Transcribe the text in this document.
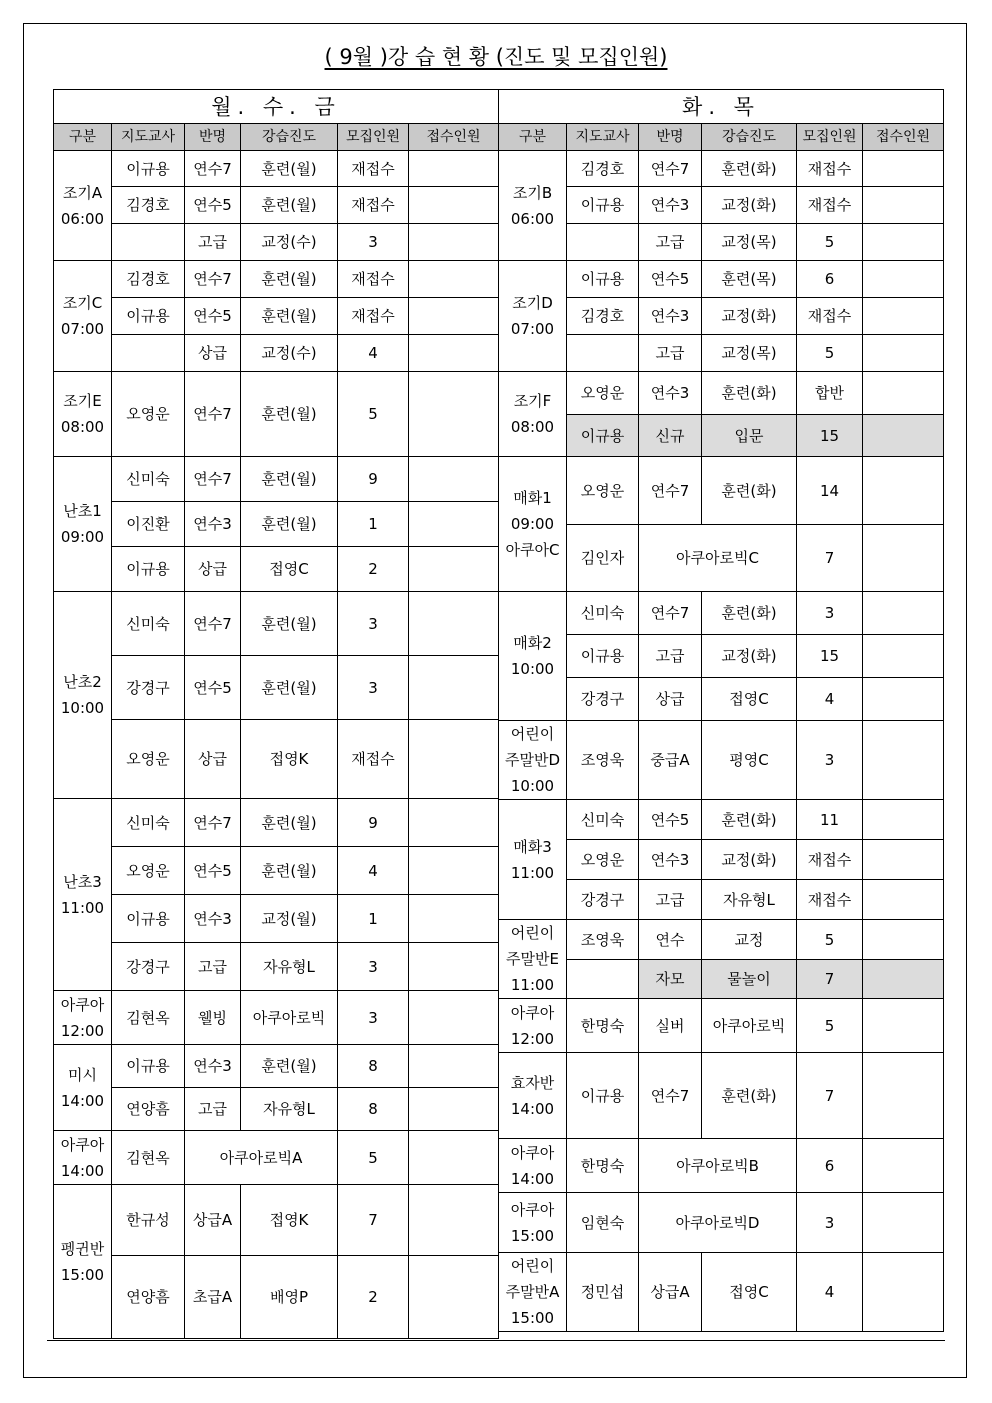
( 9월 )강 습 현 황 (진도 및 모집인원)
월. 수. 금					
구분	지도교사	반명	강습진도	모집인원	접수인원
조기A
06:00	이규용	연수7	훈련(월)	재접수	
	김경호	연수5	훈련(월)	재접수	
		고급	교정(수)	3	
조기C
07:00	김경호	연수7	훈련(월)	재접수	
	이규용	연수5	훈련(월)	재접수	
		상급	교정(수)	4	
조기E
08:00	오영운	연수7	훈련(월)	5	
난초1
09:00	신미숙	연수7	훈련(월)	9	
	이진환	연수3	훈련(월)	1	
	이규용	상급	접영C	2	
난초2
10:00	신미숙	연수7	훈련(월)	3	
	강경구	연수5	훈련(월)	3	
	오영운	상급	접영K	재접수	
난초3
11:00	신미숙	연수7	훈련(월)	9	
	오영운	연수5	훈련(월)	4	
	이규용	연수3	교정(월)	1	
	강경구	고급	자유형L	3	
아쿠아
12:00	김현옥	웰빙	아쿠아로빅	3	
미시
14:00	이규용	연수3	훈련(월)	8	
	연양흠	고급	자유형L	8	
아쿠아
14:00	김현옥	아쿠아로빅A		5	
펭귄반
15:00	한규성	상급A	접영K	7	
	연양흠	초급A	배영P	2	
화. 목					
구분	지도교사	반명	강습진도	모집인원	접수인원
조기B
06:00	김경호	연수7	훈련(화)	재접수	
	이규용	연수3	교정(화)	재접수	
		고급	교정(목)	5	
조기D
07:00	이규용	연수5	훈련(목)	6	
	김경호	연수3	교정(화)	재접수	
		고급	교정(목)	5	
조기F
08:00	오영운	연수3	훈련(화)	합반	
	이규용	신규	입문	15	
매화1
09:00
아쿠아C	오영운	연수7	훈련(화)	14	
	김인자	아쿠아로빅C		7	
매화2
10:00	신미숙	연수7	훈련(화)	3	
	이규용	고급	교정(화)	15	
	강경구	상급	접영C	4	
어린이
주말반D
10:00	조영욱	중급A	평영C	3	
매화3
11:00	신미숙	연수5	훈련(화)	11	
	오영운	연수3	교정(화)	재접수	
	강경구	고급	자유형L	재접수	
어린이
주말반E
11:00	조영욱	연수	교정	5	
		자모	물놀이	7	
아쿠아
12:00	한명숙	실버	아쿠아로빅	5	
효자반
14:00	이규용	연수7	훈련(화)	7	
아쿠아
14:00	한명숙	아쿠아로빅B		6	
아쿠아
15:00	임현숙	아쿠아로빅D		3	
어린이
주말반A
15:00	정민섭	상급A	접영C	4	
